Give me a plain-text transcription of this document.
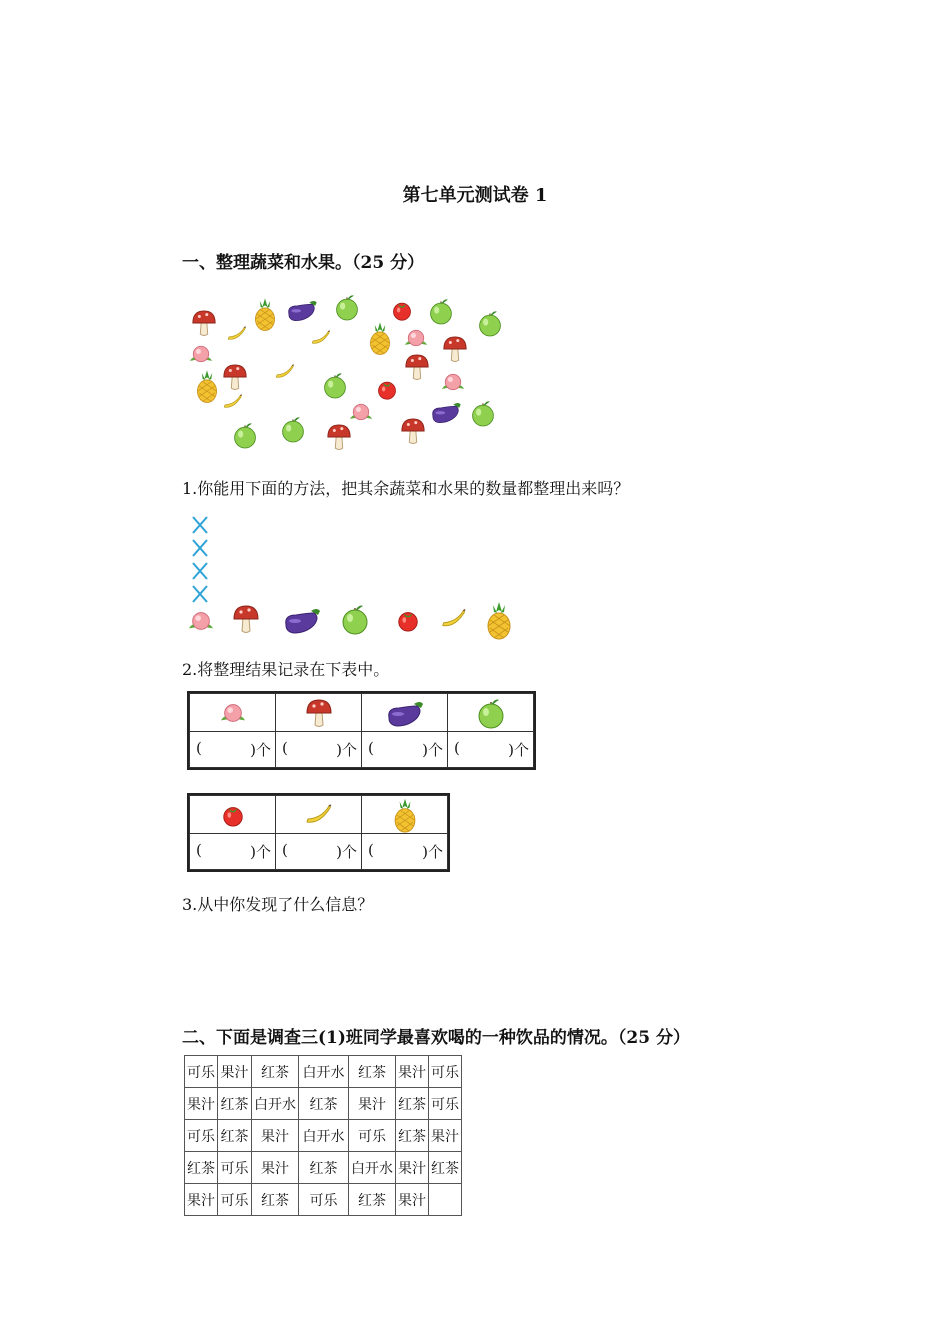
第七单元测试卷 1
一、整理蔬菜和水果。（25 分）
1.你能用下面的方法，把其余蔬菜和水果的数量都整理出来吗？
2.将整理结果记录在下表中。

( )个	( )个	( )个	( )个

( )个	( )个	( )个
3.从中你发现了什么信息？
二、下面是调查三(1)班同学最喜欢喝的一种饮品的情况。（25 分）
可乐	果汁	红茶	白开水	红茶	果汁	可乐
果汁	红茶	白开水	红茶	果汁	红茶	可乐
可乐	红茶	果汁	白开水	可乐	红茶	果汁
红茶	可乐	果汁	红茶	白开水	果汁	红茶
果汁	可乐	红茶	可乐	红茶	果汁	
